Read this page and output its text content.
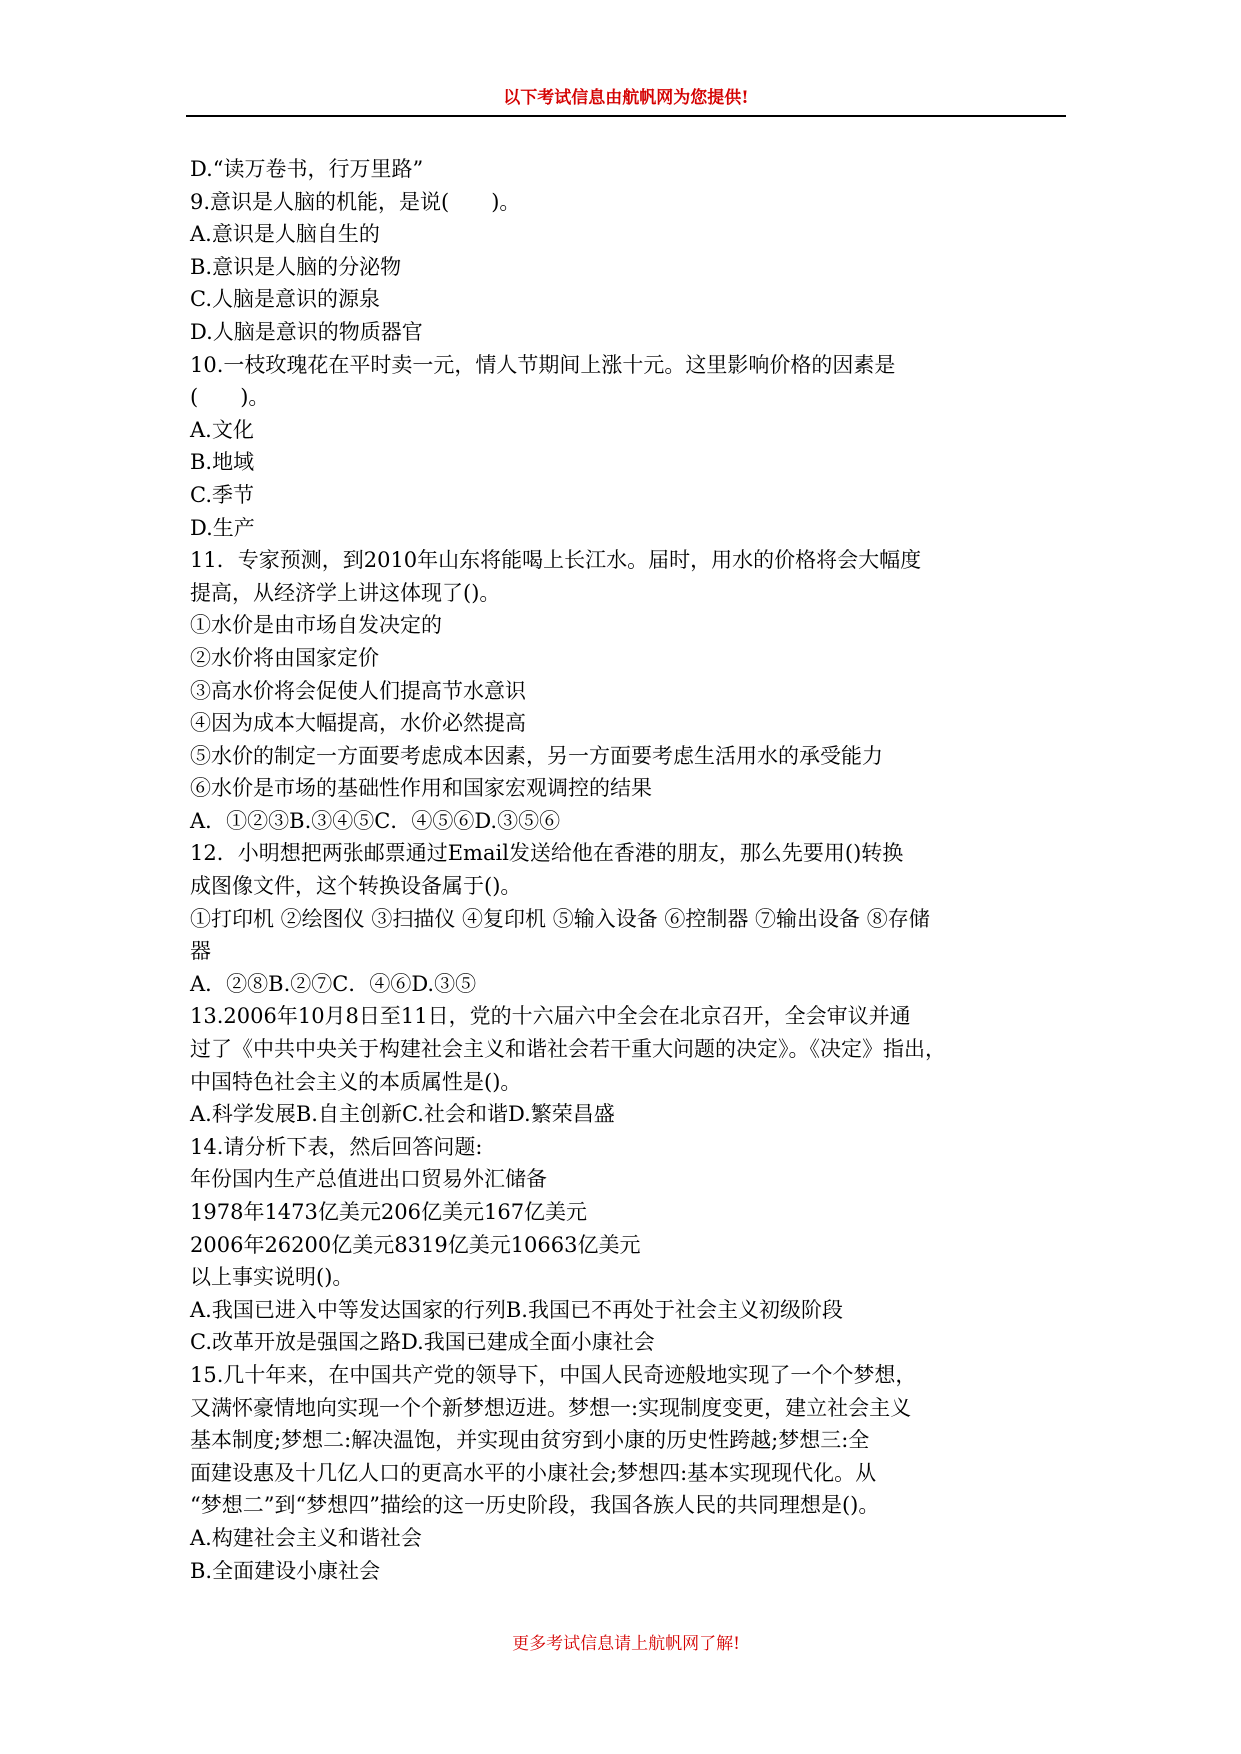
以下考试信息由航帆网为您提供!
D.“读万卷书，行万里路”
9.意识是人脑的机能，是说(　　)。
A.意识是人脑自生的
B.意识是人脑的分泌物
C.人脑是意识的源泉
D.人脑是意识的物质器官
10.一枝玫瑰花在平时卖一元，情人节期间上涨十元。这里影响价格的因素是
(　　)。
A.文化
B.地域
C.季节
D.生产
11．专家预测，到2010年山东将能喝上长江水。届时，用水的价格将会大幅度
提高，从经济学上讲这体现了()。
①水价是由市场自发决定的
②水价将由国家定价
③高水价将会促使人们提高节水意识
④因为成本大幅提高，水价必然提高
⑤水价的制定一方面要考虑成本因素，另一方面要考虑生活用水的承受能力
⑥水价是市场的基础性作用和国家宏观调控的结果
A．①②③B.③④⑤C．④⑤⑥D.③⑤⑥
12．小明想把两张邮票通过Email发送给他在香港的朋友，那么先要用()转换
成图像文件，这个转换设备属于()。
①打印机 ②绘图仪 ③扫描仪 ④复印机 ⑤输入设备 ⑥控制器 ⑦输出设备 ⑧存储
器
A．②⑧B.②⑦C．④⑥D.③⑤
13.2006年10月8日至11日，党的十六届六中全会在北京召开，全会审议并通
过了《中共中央关于构建社会主义和谐社会若干重大问题的决定》。《决定》指出，
中国特色社会主义的本质属性是()。
A.科学发展B.自主创新C.社会和谐D.繁荣昌盛
14.请分析下表，然后回答问题:
年份国内生产总值进出口贸易外汇储备
1978年1473亿美元206亿美元167亿美元
2006年26200亿美元8319亿美元10663亿美元
以上事实说明()。
A.我国已进入中等发达国家的行列B.我国已不再处于社会主义初级阶段
C.改革开放是强国之路D.我国已建成全面小康社会
15.几十年来，在中国共产党的领导下，中国人民奇迹般地实现了一个个梦想，
又满怀豪情地向实现一个个新梦想迈进。梦想一:实现制度变更，建立社会主义
基本制度;梦想二:解决温饱，并实现由贫穷到小康的历史性跨越;梦想三:全
面建设惠及十几亿人口的更高水平的小康社会;梦想四:基本实现现代化。从
“梦想二”到“梦想四”描绘的这一历史阶段，我国各族人民的共同理想是()。
A.构建社会主义和谐社会
B.全面建设小康社会
更多考试信息请上航帆网了解!
